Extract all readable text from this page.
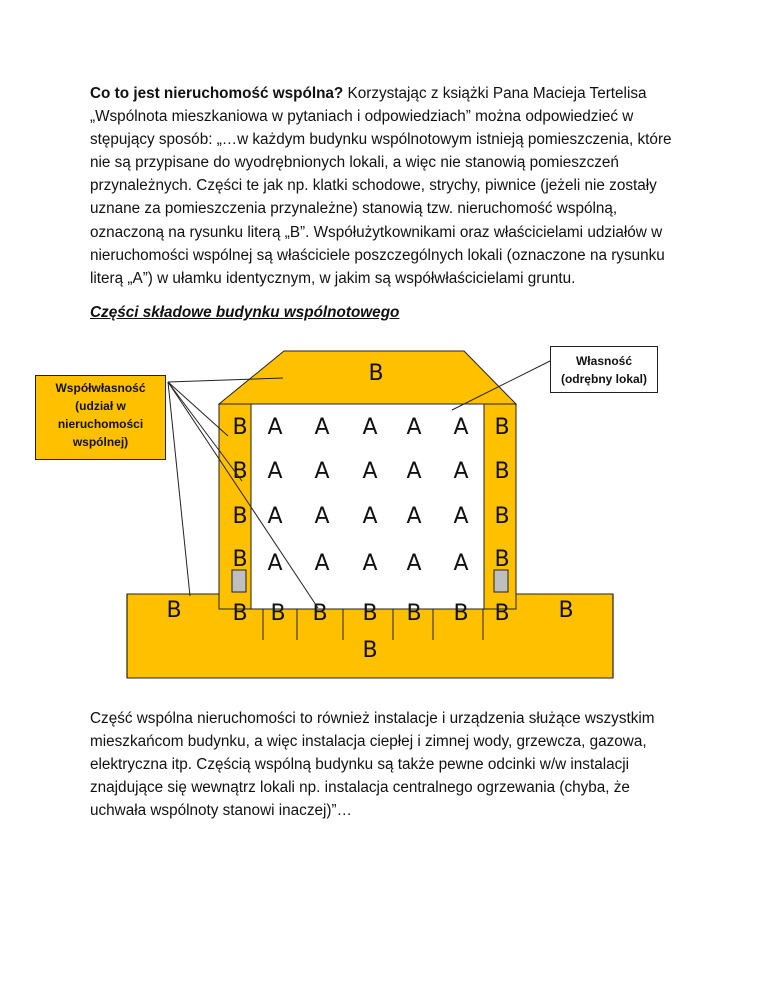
Co to jest nieruchomość wspólna? Korzystając z książki Pana Macieja Tertelisa „Wspólnota mieszkaniowa w pytaniach i odpowiedziach” można odpowiedzieć w stępujący sposób: „…w każdym budynku wspólnotowym istnieją pomieszczenia, które nie są przypisane do wyodrębnionych lokali, a więc nie stanowią pomieszczeń przynależnych. Części te jak np. klatki schodowe, strychy, piwnice (jeżeli nie zostały uznane za pomieszczenia przynależne) stanowią tzw. nieruchomość wspólną, oznaczoną na rysunku literą „B”. Współużytkownikami oraz właścicielami udziałów w nieruchomości wspólnej są właściciele poszczególnych lokali (oznaczone na rysunku literą „A”) w ułamku identycznym, w jakim są współwłaścicielami gruntu.

Części składowe budynku wspólnotowego

B
B A A A A A B
B A A A A A B
B A A A A A B
B A A A A A B
B B B B B B B
B	B
B
Współwłasność
(udział w
nieruchomości
wspólnej)
Własność
(odrębny lokal)

Część wspólna nieruchomości to również instalacje i urządzenia służące wszystkim mieszkańcom budynku, a więc instalacja ciepłej i zimnej wody, grzewcza, gazowa, elektryczna itp. Częścią wspólną budynku są także pewne odcinki w/w instalacji znajdujące się wewnątrz lokali np. instalacja centralnego ogrzewania (chyba, że uchwała wspólnoty stanowi inaczej)”…
